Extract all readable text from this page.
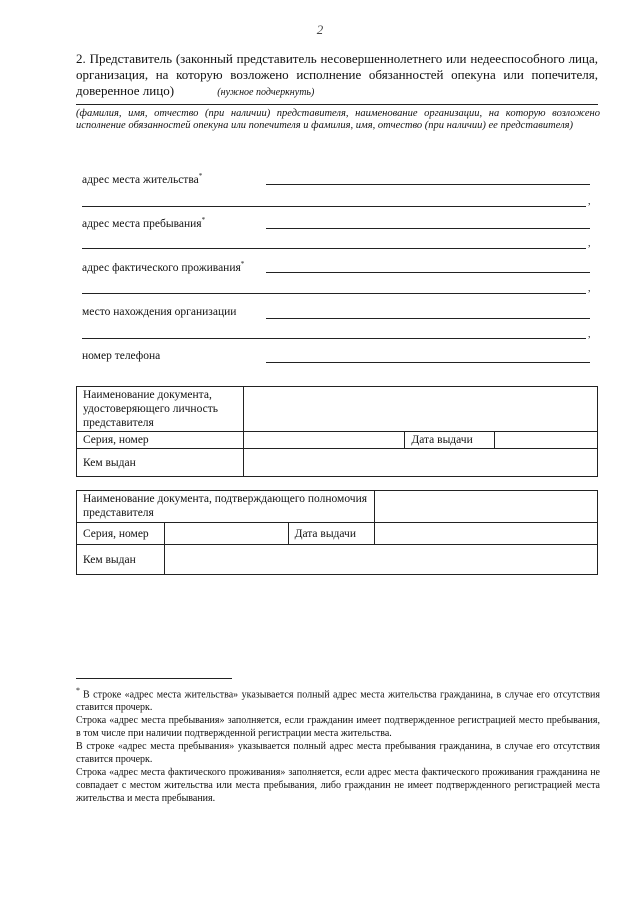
2
2. Представитель (законный представитель несовершеннолетнего или недееспособного лица, организация, на которую возложено исполнение обязанностей опекуна или попечителя, доверенное лицо)	(нужное подчеркнуть)
(фамилия, имя, отчество (при наличии) представителя, наименование организации, на которую возложено исполнение обязанностей опекуна или попечителя и фамилия, имя, отчество (при наличии) ее представителя)
адрес места жительства*
,
адрес места пребывания*
,
адрес фактического проживания*
,
место нахождения организации
,
номер телефона
Наименование документа, удостоверяющего личность представителя			
Серия, номер		Дата выдачи	
Кем выдан			
Наименование документа, подтверждающего полномочия представителя			
Серия, номер		Дата выдачи	
Кем выдан			

* В строке «адрес места жительства» указывается полный адрес места жительства гражданина, в случае его отсутствия ставится прочерк.

Строка «адрес места пребывания» заполняется, если гражданин имеет подтвержденное регистрацией место пребывания, в том числе при наличии подтвержденной регистрации места жительства.

В строке «адрес места пребывания» указывается полный адрес места пребывания гражданина, в случае его отсутствия ставится прочерк.

Строка «адрес места фактического проживания» заполняется, если адрес места фактического проживания гражданина не совпадает с местом жительства или места пребывания, либо гражданин не имеет подтвержденного регистрацией места жительства и места пребывания.
